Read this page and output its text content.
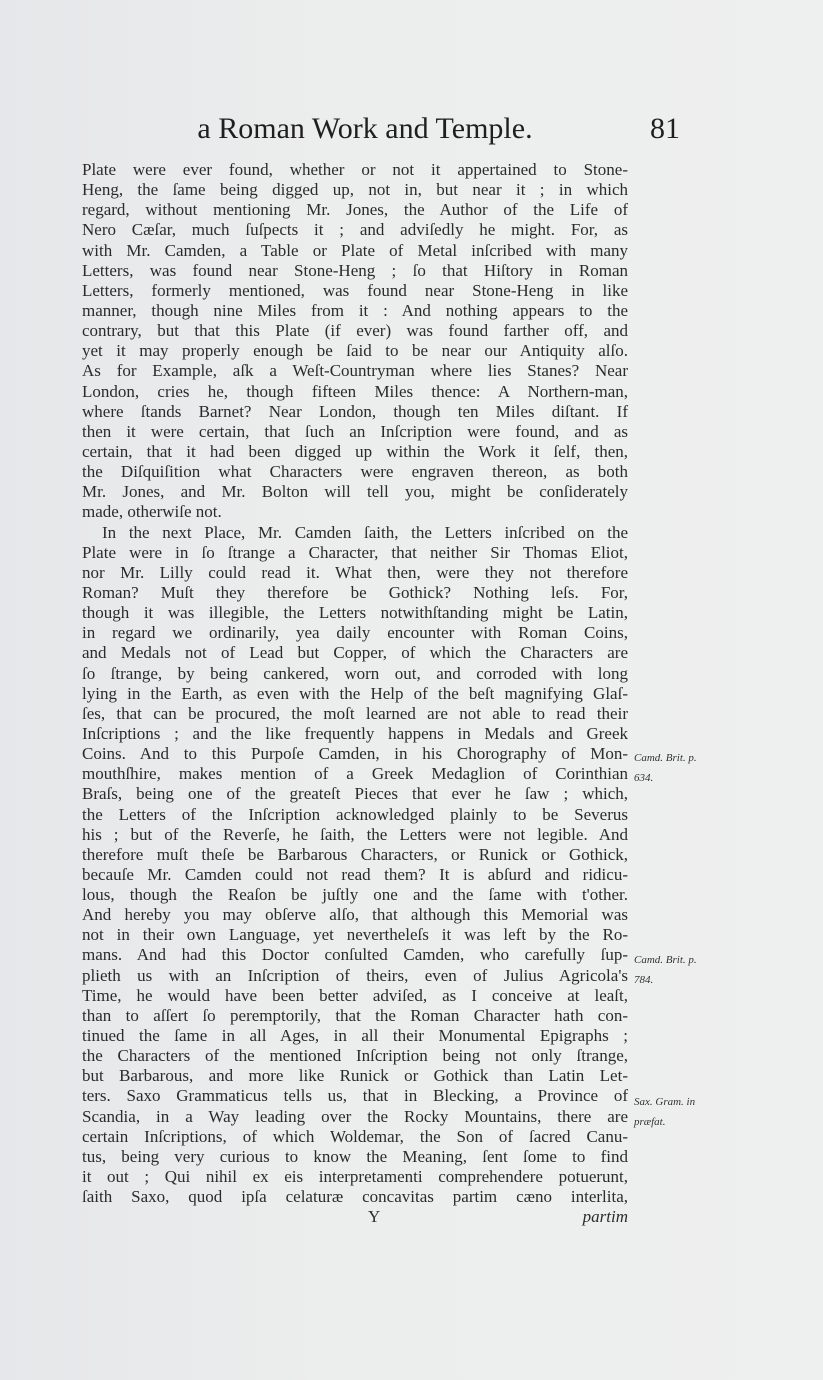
a Roman Work and Temple.	81
Plate were ever found, whether or not it appertained to Stone-
Heng, the ſame being digged up, not in, but near it ; in which
regard, without mentioning Mr. Jones, the Author of the Life of
Nero Cæſar, much ſuſpects it ; and adviſedly he might. For, as
with Mr. Camden, a Table or Plate of Metal inſcribed with many
Letters, was found near Stone-Heng ; ſo that Hiſtory in Roman
Letters, formerly mentioned, was found near Stone-Heng in like
manner, though nine Miles from it : And nothing appears to the
contrary, but that this Plate (if ever) was found farther off, and
yet it may properly enough be ſaid to be near our Antiquity alſo.
As for Example, aſk a Weſt-Countryman where lies Stanes? Near
London, cries he, though fifteen Miles thence: A Northern-man,
where ſtands Barnet? Near London, though ten Miles diſtant. If
then it were certain, that ſuch an Inſcription were found, and as
certain, that it had been digged up within the Work it ſelf, then,
the Diſquiſition what Characters were engraven thereon, as both
Mr. Jones, and Mr. Bolton will tell you, might be conſiderately
made, otherwiſe not.
In the next Place, Mr. Camden ſaith, the Letters inſcribed on the
Plate were in ſo ſtrange a Character, that neither Sir Thomas Eliot,
nor Mr. Lilly could read it. What then, were they not therefore
Roman? Muſt they therefore be Gothick? Nothing leſs. For,
though it was illegible, the Letters notwithſtanding might be Latin,
in regard we ordinarily, yea daily encounter with Roman Coins,
and Medals not of Lead but Copper, of which the Characters are
ſo ſtrange, by being cankered, worn out, and corroded with long
lying in the Earth, as even with the Help of the beſt magnifying Glaſ-
ſes, that can be procured, the moſt learned are not able to read their
Inſcriptions ; and the like frequently happens in Medals and Greek
Coins. And to this Purpoſe Camden, in his Chorography of Mon-
mouthſhire, makes mention of a Greek Medaglion of Corinthian
Braſs, being one of the greateſt Pieces that ever he ſaw ; which,
the Letters of the Inſcription acknowledged plainly to be Severus
his ; but of the Reverſe, he ſaith, the Letters were not legible. And
therefore muſt theſe be Barbarous Characters, or Runick or Gothick,
becauſe Mr. Camden could not read them? It is abſurd and ridicu-
lous, though the Reaſon be juſtly one and the ſame with t'other.
And hereby you may obſerve alſo, that although this Memorial was
not in their own Language, yet neverthelеſs it was left by the Ro-
mans. And had this Doctor conſulted Camden, who carefully ſup-
plieth us with an Inſcription of theirs, even of Julius Agricola's
Time, he would have been better adviſed, as I conceive at leaſt,
than to aſſert ſo peremptorily, that the Roman Character hath con-
tinued the ſame in all Ages, in all their Monumental Epigraphs ;
the Characters of the mentioned Inſcription being not only ſtrange,
but Barbarous, and more like Runick or Gothick than Latin Let-
ters. Saxo Grammaticus tells us, that in Blecking, a Province of
Scandia, in a Way leading over the Rocky Mountains, there are
certain Inſcriptions, of which Woldemar, the Son of ſacred Canu-
tus, being very curious to know the Meaning, ſent ſome to find
it out ; Qui nihil ex eis interpretamenti comprehendere potuerunt,
ſaith Saxo, quod ipſa celaturæ concavitas partim cæno interlita,
Y	partim
Camd. Brit. p.
634.
Camd. Brit. p.
784.
Sax. Gram. in
præfat.
